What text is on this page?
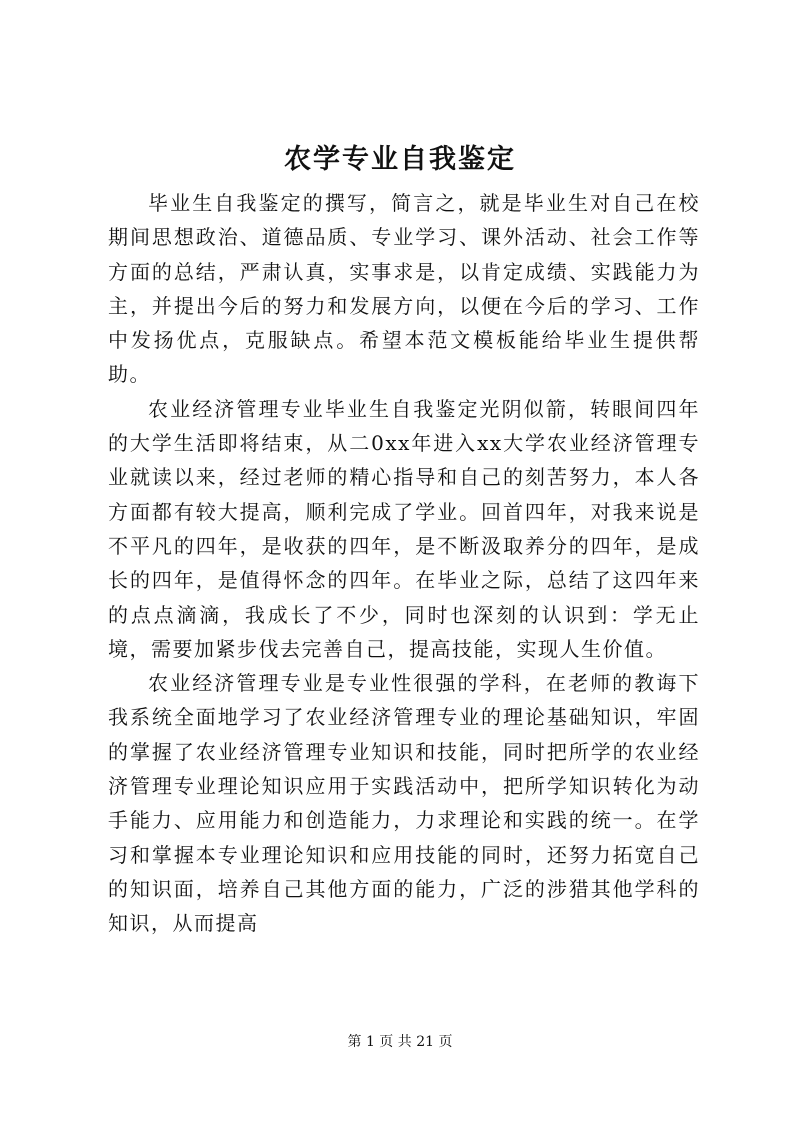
农学专业自我鉴定

毕业生自我鉴定的撰写，简言之，就是毕业生对自己在校期间思想政治、道德品质、专业学习、课外活动、社会工作等方面的总结，严肃认真，实事求是，以肯定成绩、实践能力为主，并提出今后的努力和发展方向，以便在今后的学习、工作中发扬优点，克服缺点。希望本范文模板能给毕业生提供帮助。

农业经济管理专业毕业生自我鉴定光阴似箭，转眼间四年的大学生活即将结束，从二0xx年进入xx大学农业经济管理专业就读以来，经过老师的精心指导和自己的刻苦努力，本人各方面都有较大提高，顺利完成了学业。回首四年，对我来说是不平凡的四年，是收获的四年，是不断汲取养分的四年，是成长的四年，是值得怀念的四年。在毕业之际，总结了这四年来的点点滴滴，我成长了不少，同时也深刻的认识到：学无止境，需要加紧步伐去完善自己，提高技能，实现人生价值。

农业经济管理专业是专业性很强的学科，在老师的教诲下我系统全面地学习了农业经济管理专业的理论基础知识，牢固的掌握了农业经济管理专业知识和技能，同时把所学的农业经济管理专业理论知识应用于实践活动中，把所学知识转化为动手能力、应用能力和创造能力，力求理论和实践的统一。在学习和掌握本专业理论知识和应用技能的同时，还努力拓宽自己的知识面，培养自己其他方面的能力，广泛的涉猎其他学科的知识，从而提高

第 1 页 共 21 页
